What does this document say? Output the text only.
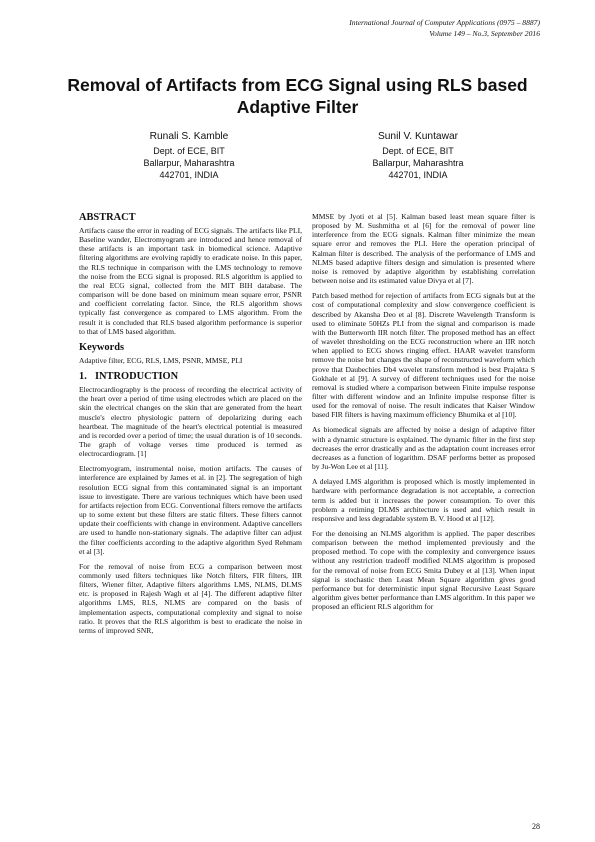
International Journal of Computer Applications (0975 – 8887)
Volume 149 – No.3, September 2016
Removal of Artifacts from ECG Signal using RLS based Adaptive Filter
Runali S. Kamble
Dept. of ECE, BIT
Ballarpur, Maharashtra
442701, INDIA
Sunil V. Kuntawar
Dept. of ECE, BIT
Ballarpur, Maharashtra
442701, INDIA
ABSTRACT

Artifacts cause the error in reading of ECG signals. The artifacts like PLI, Baseline wander, Electromyogram are introduced and hence removal of these artifacts is an important task in biomedical science. Adaptive filtering algorithms are evolving rapidly to eradicate noise. In this paper, the RLS technique in comparison with the LMS technology to remove the noise from the ECG signal is proposed. RLS algorithm is applied to the real ECG signal, collected from the MIT BIH database. The comparison will be done based on minimum mean square error, PSNR and coefficient correlating factor. Since, the RLS algorithm shows typically fast convergence as compared to LMS algorithm. From the result it is concluded that RLS based algorithm performance is superior to that of LMS based algorithm.

Keywords

Adaptive filter, ECG, RLS, LMS, PSNR, MMSE, PLI

1. INTRODUCTION

Electrocardiography is the process of recording the electrical activity of the heart over a period of time using electrodes which are placed on the skin the electrical changes on the skin that are generated from the heart muscle's electro physiologic pattern of depolarizing during each heartbeat. The magnitude of the heart's electrical potential is measured and is recorded over a period of time; the usual duration is of 10 seconds. The graph of voltage verses time produced is termed as electrocardiogram. [1]

Electromyogram, instrumental noise, motion artifacts. The causes of interference are explained by James et al. in [2]. The segregation of high resolution ECG signal from this contaminated signal is an important issue to investigate. There are various techniques which have been used for artifacts rejection from ECG. Conventional filters remove the artifacts up to some extent but these filters are static filters. These filters cannot update their coefficients with change in environment. Adaptive cancellers are used to handle non-stationary signals. The adaptive filter can adjust the filter coefficients according to the adaptive algorithm Syed Rehmam et al [3].

For the removal of noise from ECG a comparison between most commonly used filters techniques like Notch filters, FIR filters, IIR filters, Wiener filter, Adaptive filters algorithms LMS, NLMS, DLMS etc. is proposed in Rajesh Wagh et al [4]. The different adaptive filter algorithms LMS, RLS, NLMS are compared on the basis of implementation aspects, computational complexity and signal to noise ratio. It proves that the RLS algorithm is best to eradicate the noise in terms of improved SNR,

MMSE by Jyoti et al [5]. Kalman based least mean square filter is proposed by M. Sushmitha et al [6] for the removal of power line interference from the ECG signals. Kalman filter minimize the mean square error and removes the PLI. Here the operation principal of Kalman filter is described. The analysis of the performance of LMS and NLMS based adaptive filters design and simulation is presented where noise is removed by adaptive algorithm by establishing correlation between noise and its estimated value Divya et al [7].

Patch based method for rejection of artifacts from ECG signals but at the cost of computational complexity and slow convergence coefficient is described by Akansha Deo et al [8]. Discrete Wavelength Transform is used to eliminate 50HZs PLI from the signal and comparison is made with the Butterworth IIR notch filter. The proposed method has an effect of wavelet thresholding on the ECG reconstruction where an IIR notch when applied to ECG shows ringing effect. HAAR wavelet transform remove the noise but changes the shape of reconstructed waveform which prove that Daubechies Db4 wavelet transform method is best Prajakta S Gokhale et al [9]. A survey of different techniques used for the noise removal is studied where a comparison between Finite impulse response filter with different window and an Infinite impulse response filter is used for the removal of noise. The result indicates that Kaiser Window based FIR filters is having maximum efficiency Bhumika et al [10].

As biomedical signals are affected by noise a design of adaptive filter with a dynamic structure is explained. The dynamic filter in the first step decreases the error drastically and as the adaptation count increases error decreases as a function of logarithm. DSAF performs better as proposed by Ju-Won Lee et al [11].

A delayed LMS algorithm is proposed which is mostly implemented in hardware with performance degradation is not acceptable, a correction term is added but it increases the power consumption. To over this problem a retiming DLMS architecture is used and which result in responsive and less degradable system B. V. Hood et al [12].

For the denoising an NLMS algorithm is applied. The paper describes comparison between the method implemented previously and the proposed method. To cope with the complexity and convergence issues without any restriction tradeoff modified NLMS algorithm is proposed for the removal of noise from ECG Smita Dubey et al [13]. When input signal is stochastic then Least Mean Square algorithm gives good performance but for deterministic input signal Recursive Least Square algorithm gives better performance than LMS algorithm. In this paper we proposed an efficient RLS algorithm for

28
